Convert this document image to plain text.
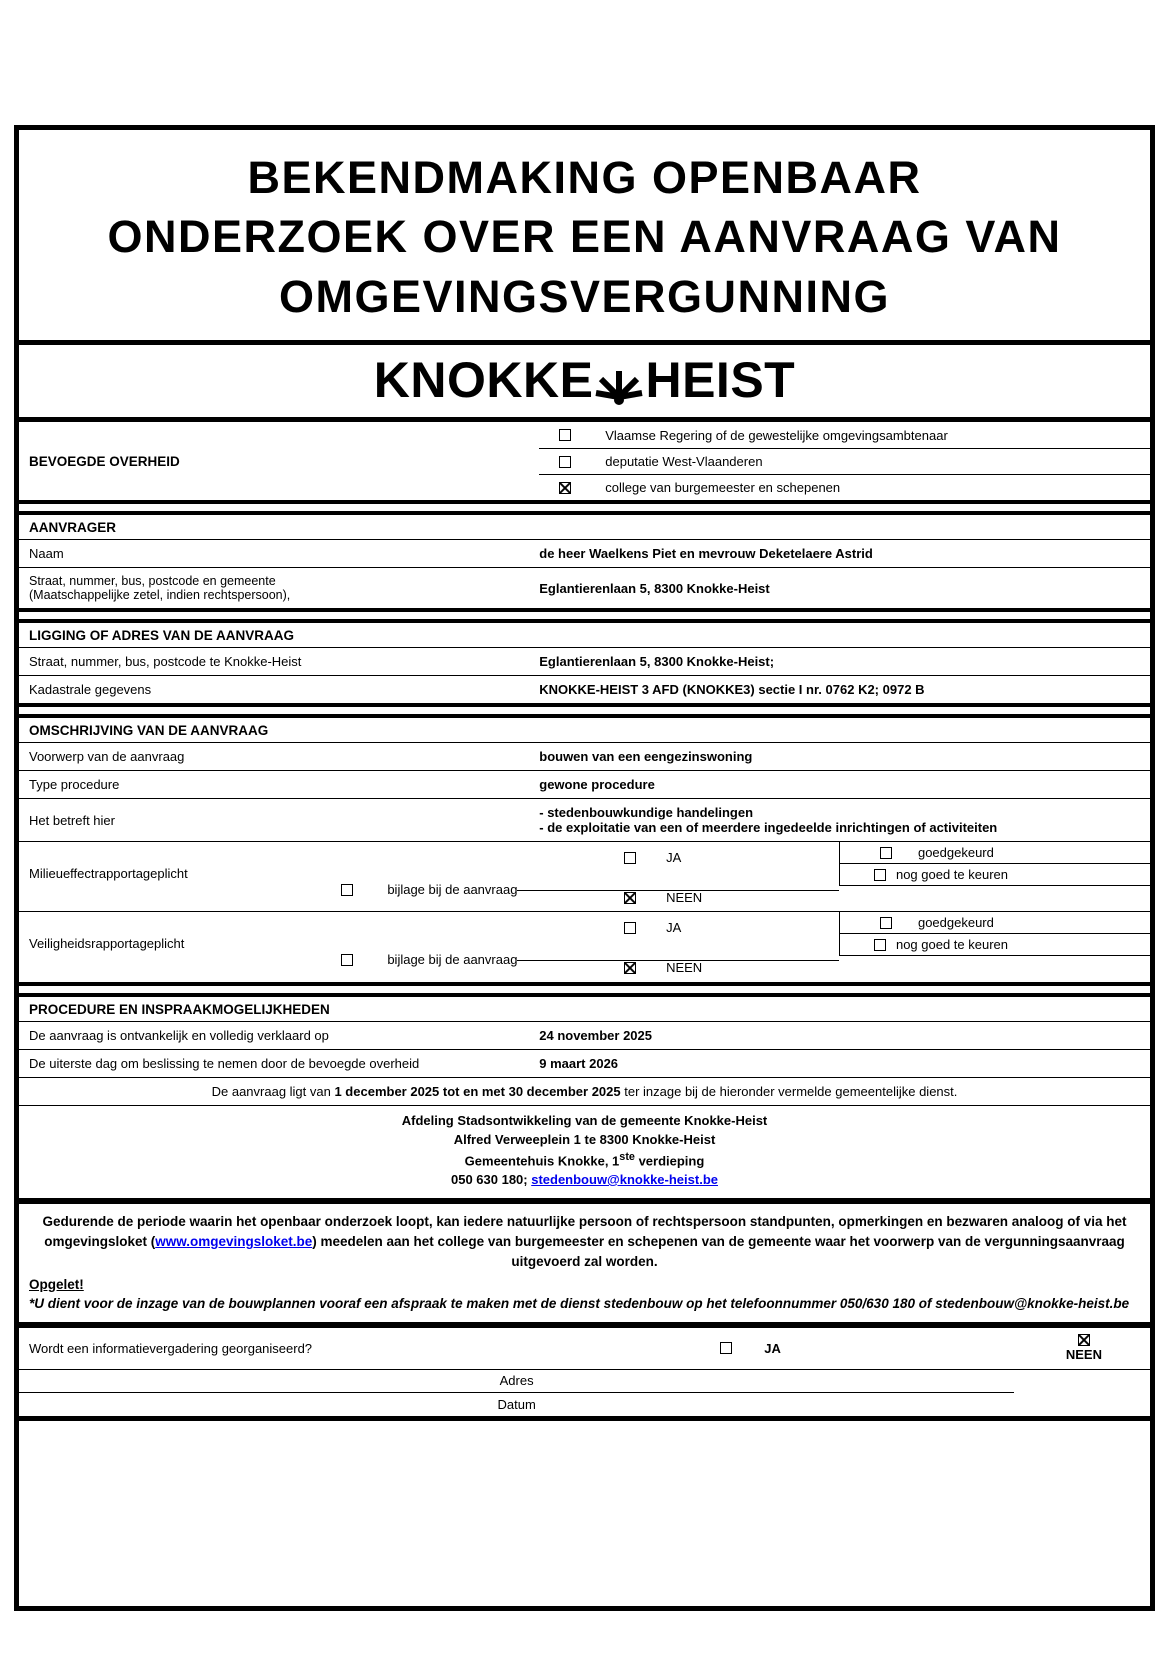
BEKENDMAKING OPENBAAR
ONDERZOEK OVER EEN AANVRAAG VAN
OMGEVINGSVERGUNNING
KNOKKE HEIST
BEVOEGDE OVERHEID
Vlaamse Regering of de gewestelijke omgevingsambtenaar
deputatie West-Vlaanderen
college van burgemeester en schepenen
AANVRAGER
Naam	de heer Waelkens Piet en mevrouw Deketelaere Astrid
Straat, nummer, bus, postcode en gemeente
(Maatschappelijke zetel, indien rechtspersoon),	Eglantierenlaan 5, 8300 Knokke-Heist
LIGGING OF ADRES VAN DE AANVRAAG
Straat, nummer, bus, postcode te Knokke-Heist	Eglantierenlaan 5, 8300 Knokke-Heist;
Kadastrale gegevens	KNOKKE-HEIST 3 AFD (KNOKKE3) sectie I nr. 0762 K2; 0972 B
OMSCHRIJVING VAN DE AANVRAAG
Voorwerp van de aanvraag	bouwen van een eengezinswoning
Type procedure	gewone procedure
Het betreft hier	- stedenbouwkundige handelingen
- de exploitatie van een of meerdere ingedeelde inrichtingen of activiteiten
Milieueffectrapportageplicht
bijlage bij de aanvraag
JA
NEEN
goedgekeurd
nog goed te keuren
Veiligheidsrapportageplicht
bijlage bij de aanvraag
JA
NEEN
goedgekeurd
nog goed te keuren
PROCEDURE EN INSPRAAKMOGELIJKHEDEN
De aanvraag is ontvankelijk en volledig verklaard op	24 november 2025
De uiterste dag om beslissing te nemen door de bevoegde overheid	9 maart 2026
De aanvraag ligt van 1 december 2025 tot en met 30 december 2025 ter inzage bij de hieronder vermelde gemeentelijke dienst.
Afdeling Stadsontwikkeling van de gemeente Knokke-Heist
Alfred Verweeplein 1 te 8300 Knokke-Heist
Gemeentehuis Knokke, 1ste verdieping
050 630 180; stedenbouw@knokke-heist.be
Gedurende de periode waarin het openbaar onderzoek loopt, kan iedere natuurlijke persoon of rechtspersoon standpunten, opmerkingen en bezwaren analoog of via het omgevingsloket (www.omgevingsloket.be) meedelen aan het college van burgemeester en schepenen van de gemeente waar het voorwerp van de vergunningsaanvraag uitgevoerd zal worden.
Opgelet!
*U dient voor de inzage van de bouwplannen vooraf een afspraak te maken met de dienst stedenbouw op het telefoonnummer 050/630 180 of stedenbouw@knokke-heist.be
Wordt een informatievergadering georganiseerd?	JA	NEEN
Adres
Datum
